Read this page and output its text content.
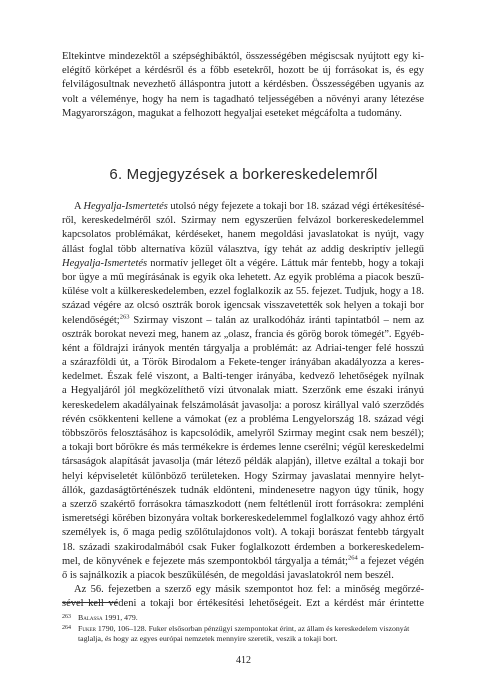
Eltekintve mindezektől a szépséghibáktól, összességében mégiscsak nyújtott egy ki-
elégítő körképet a kérdésről és a főbb esetekről, hozott be új forrásokat is, és egy
felvilágosultnak nevezhető álláspontra jutott a kérdésben. Összességében ugyanis az
volt a véleménye, hogy ha nem is tagadható teljességében a növényi arany létezése
Magyarországon, magukat a felhozott hegyaljai eseteket mégcáfolta a tudomány.
6. Megjegyzések a borkereskedelemről
A Hegyalja-Ismertetés utolsó négy fejezete a tokaji bor 18. század végi értékesítésé-
ről, kereskedelméről szól. Szirmay nem egyszerűen felvázol borkereskedelemmel
kapcsolatos problémákat, kérdéseket, hanem megoldási javaslatokat is nyújt, vagy
állást foglal több alternatíva közül választva, így tehát az addig deskriptív jellegű
Hegyalja-Ismertetés normatív jelleget ölt a végére. Láttuk már fentebb, hogy a tokaji
bor ügye a mű megírásának is egyik oka lehetett. Az egyik probléma a piacok beszű-
külése volt a külkereskedelemben, ezzel foglalkozik az 55. fejezet. Tudjuk, hogy a 18.
század végére az olcsó osztrák borok igencsak visszavetették sok helyen a tokaji bor
kelendőségét;$^{263}$ Szirmay viszont – talán az uralkodóház iránti tapintatból – nem az
osztrák borokat nevezi meg, hanem az „olasz, francia és görög borok tömegét”. Egyéb-
ként a földrajzi irányok mentén tárgyalja a problémát: az Adriai-tenger felé hosszú
a szárazföldi út, a Török Birodalom a Fekete-tenger irányában akadályozza a keres-
kedelmet. Észak felé viszont, a Balti-tenger irányába, kedvező lehetőségek nyílnak
a Hegyaljáról jól megközelíthető vízi útvonalak miatt. Szerzőnk eme északi irányú
kereskedelem akadályainak felszámolását javasolja: a porosz királlyal való szerződés
révén csökkenteni kellene a vámokat (ez a probléma Lengyelország 18. század végi
többszörös felosztásához is kapcsolódik, amelyről Szirmay megint csak nem beszél);
a tokaji bort bőrökre és más termékekre is érdemes lenne cserélni; végül kereskedelmi
társaságok alapítását javasolja (már létező példák alapján), illetve ezáltal a tokaji bor
helyi képviseletét különböző területeken. Hogy Szirmay javaslatai mennyire helyt-
állók, gazdaságtörténészek tudnák eldönteni, mindenesetre nagyon úgy tűnik, hogy
a szerző szakértő forrásokra támaszkodott (nem feltétlenül írott forrásokra: zempléni
ismeretségi körében bizonyára voltak borkereskedelemmel foglalkozó vagy ahhoz értő
személyek is, ő maga pedig szőlőtulajdonos volt). A tokaji borászat fentebb tárgyalt
18. századi szakirodalmából csak Fuker foglalkozott érdemben a borkereskedelem-
mel, de könyvének e fejezete más szempontokból tárgyalja a témát;$^{264}$ a fejezet végén
ő is sajnálkozik a piacok beszűkülésén, de megoldási javaslatokról nem beszél.
Az 56. fejezetben a szerző egy másik szempontot hoz fel: a minőség megőrzé-
sével kell védeni a tokaji bor értékesítési lehetőségeit. Ezt a kérdést már érintette
263 Balassa 1991, 479.
264 Fuker 1790, 106–128. Fuker elsősorban pénzügyi szempontokat érint, az állam és kereskedelem viszonyát
taglalja, és hogy az egyes európai nemzetek mennyire szeretik, veszik a tokaji bort.
412
